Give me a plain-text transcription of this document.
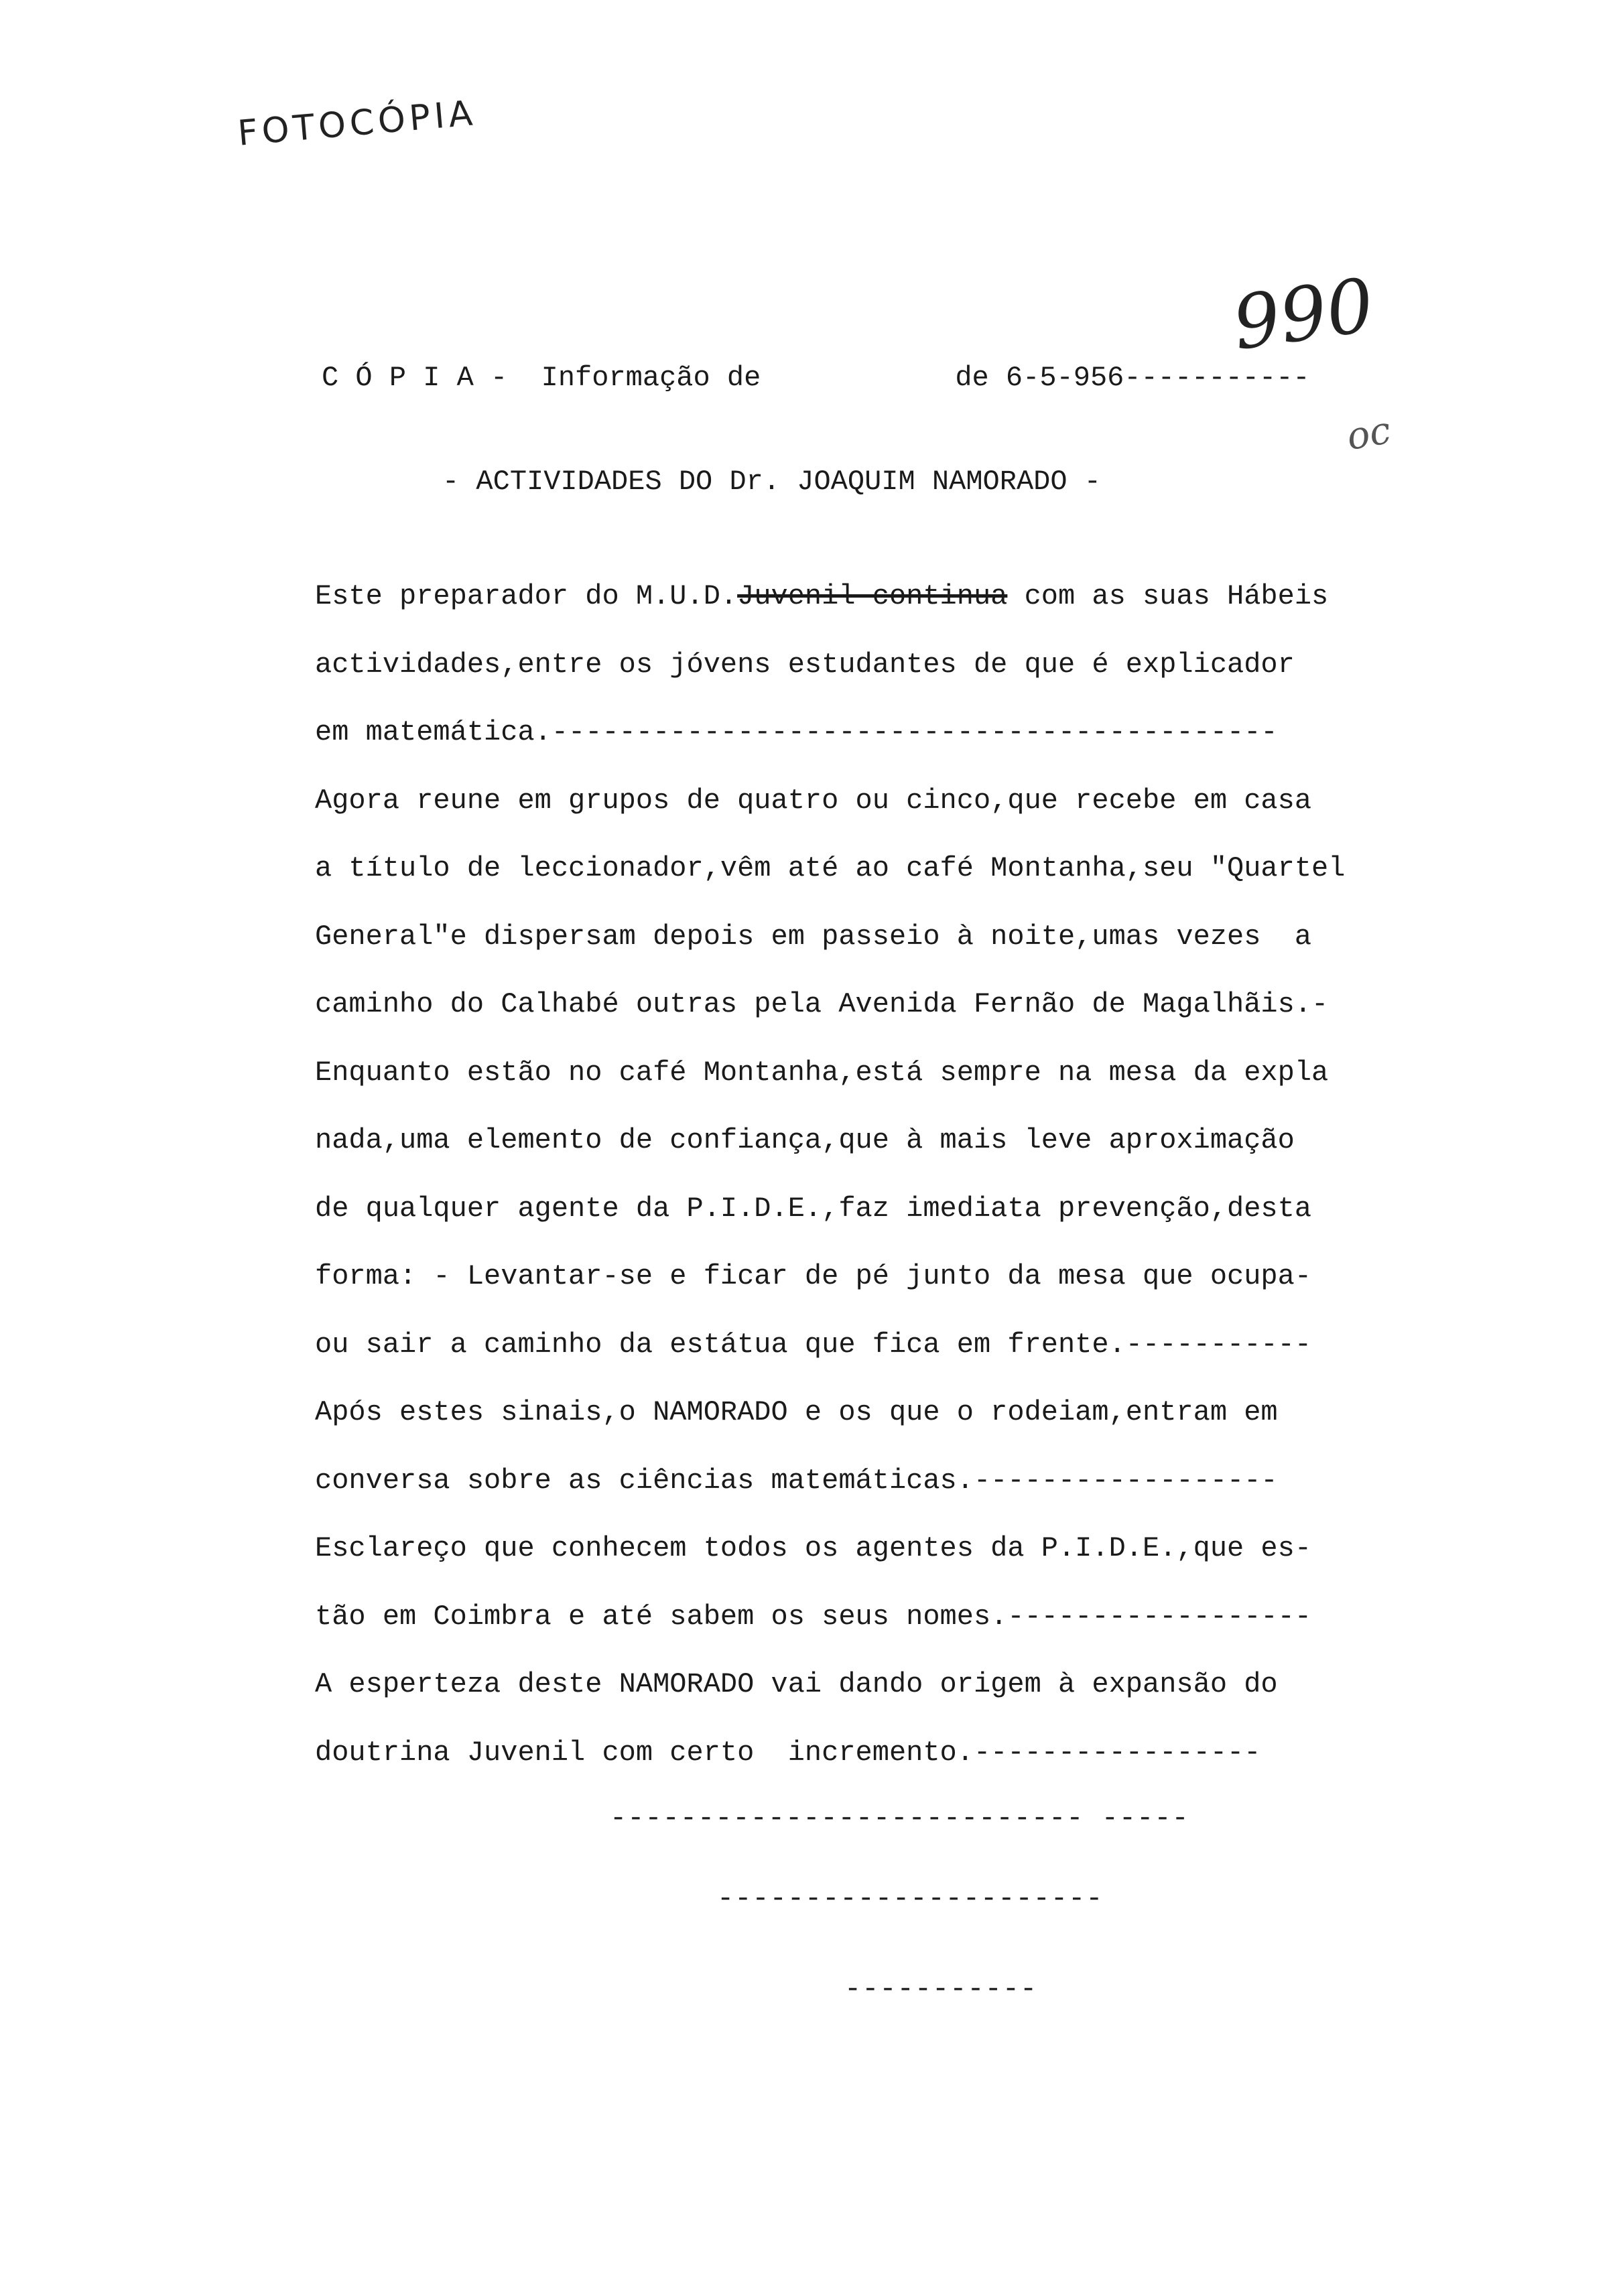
FOTOCÓPIA
990
oc
C Ó P I A -  Informação de	de 6-5-956-----------
- ACTIVIDADES DO Dr. JOAQUIM NAMORADO -
Este preparador do M.U.D.Juvenil continua com as suas Hábeis
actividades,entre os jóvens estudantes de que é explicador
em matemática.-------------------------------------------
Agora reune em grupos de quatro ou cinco,que recebe em casa
a título de leccionador,vêm até ao café Montanha,seu "Quartel
General"e dispersam depois em passeio à noite,umas vezes  a
caminho do Calhabé outras pela Avenida Fernão de Magalhãis.-
Enquanto estão no café Montanha,está sempre na mesa da expla
nada,uma elemento de confiança,que à mais leve aproximação
de qualquer agente da P.I.D.E.,faz imediata prevenção,desta
forma: - Levantar-se e ficar de pé junto da mesa que ocupa-
ou sair a caminho da estátua que fica em frente.-----------
Após estes sinais,o NAMORADO e os que o rodeiam,entram em
conversa sobre as ciências matemáticas.------------------
Esclareço que conhecem todos os agentes da P.I.D.E.,que es-
tão em Coimbra e até sabem os seus nomes.------------------
A esperteza deste NAMORADO vai dando origem à expansão do
doutrina Juvenil com certo  incremento.-----------------
--------------------------- -----
----------------------
-----------
